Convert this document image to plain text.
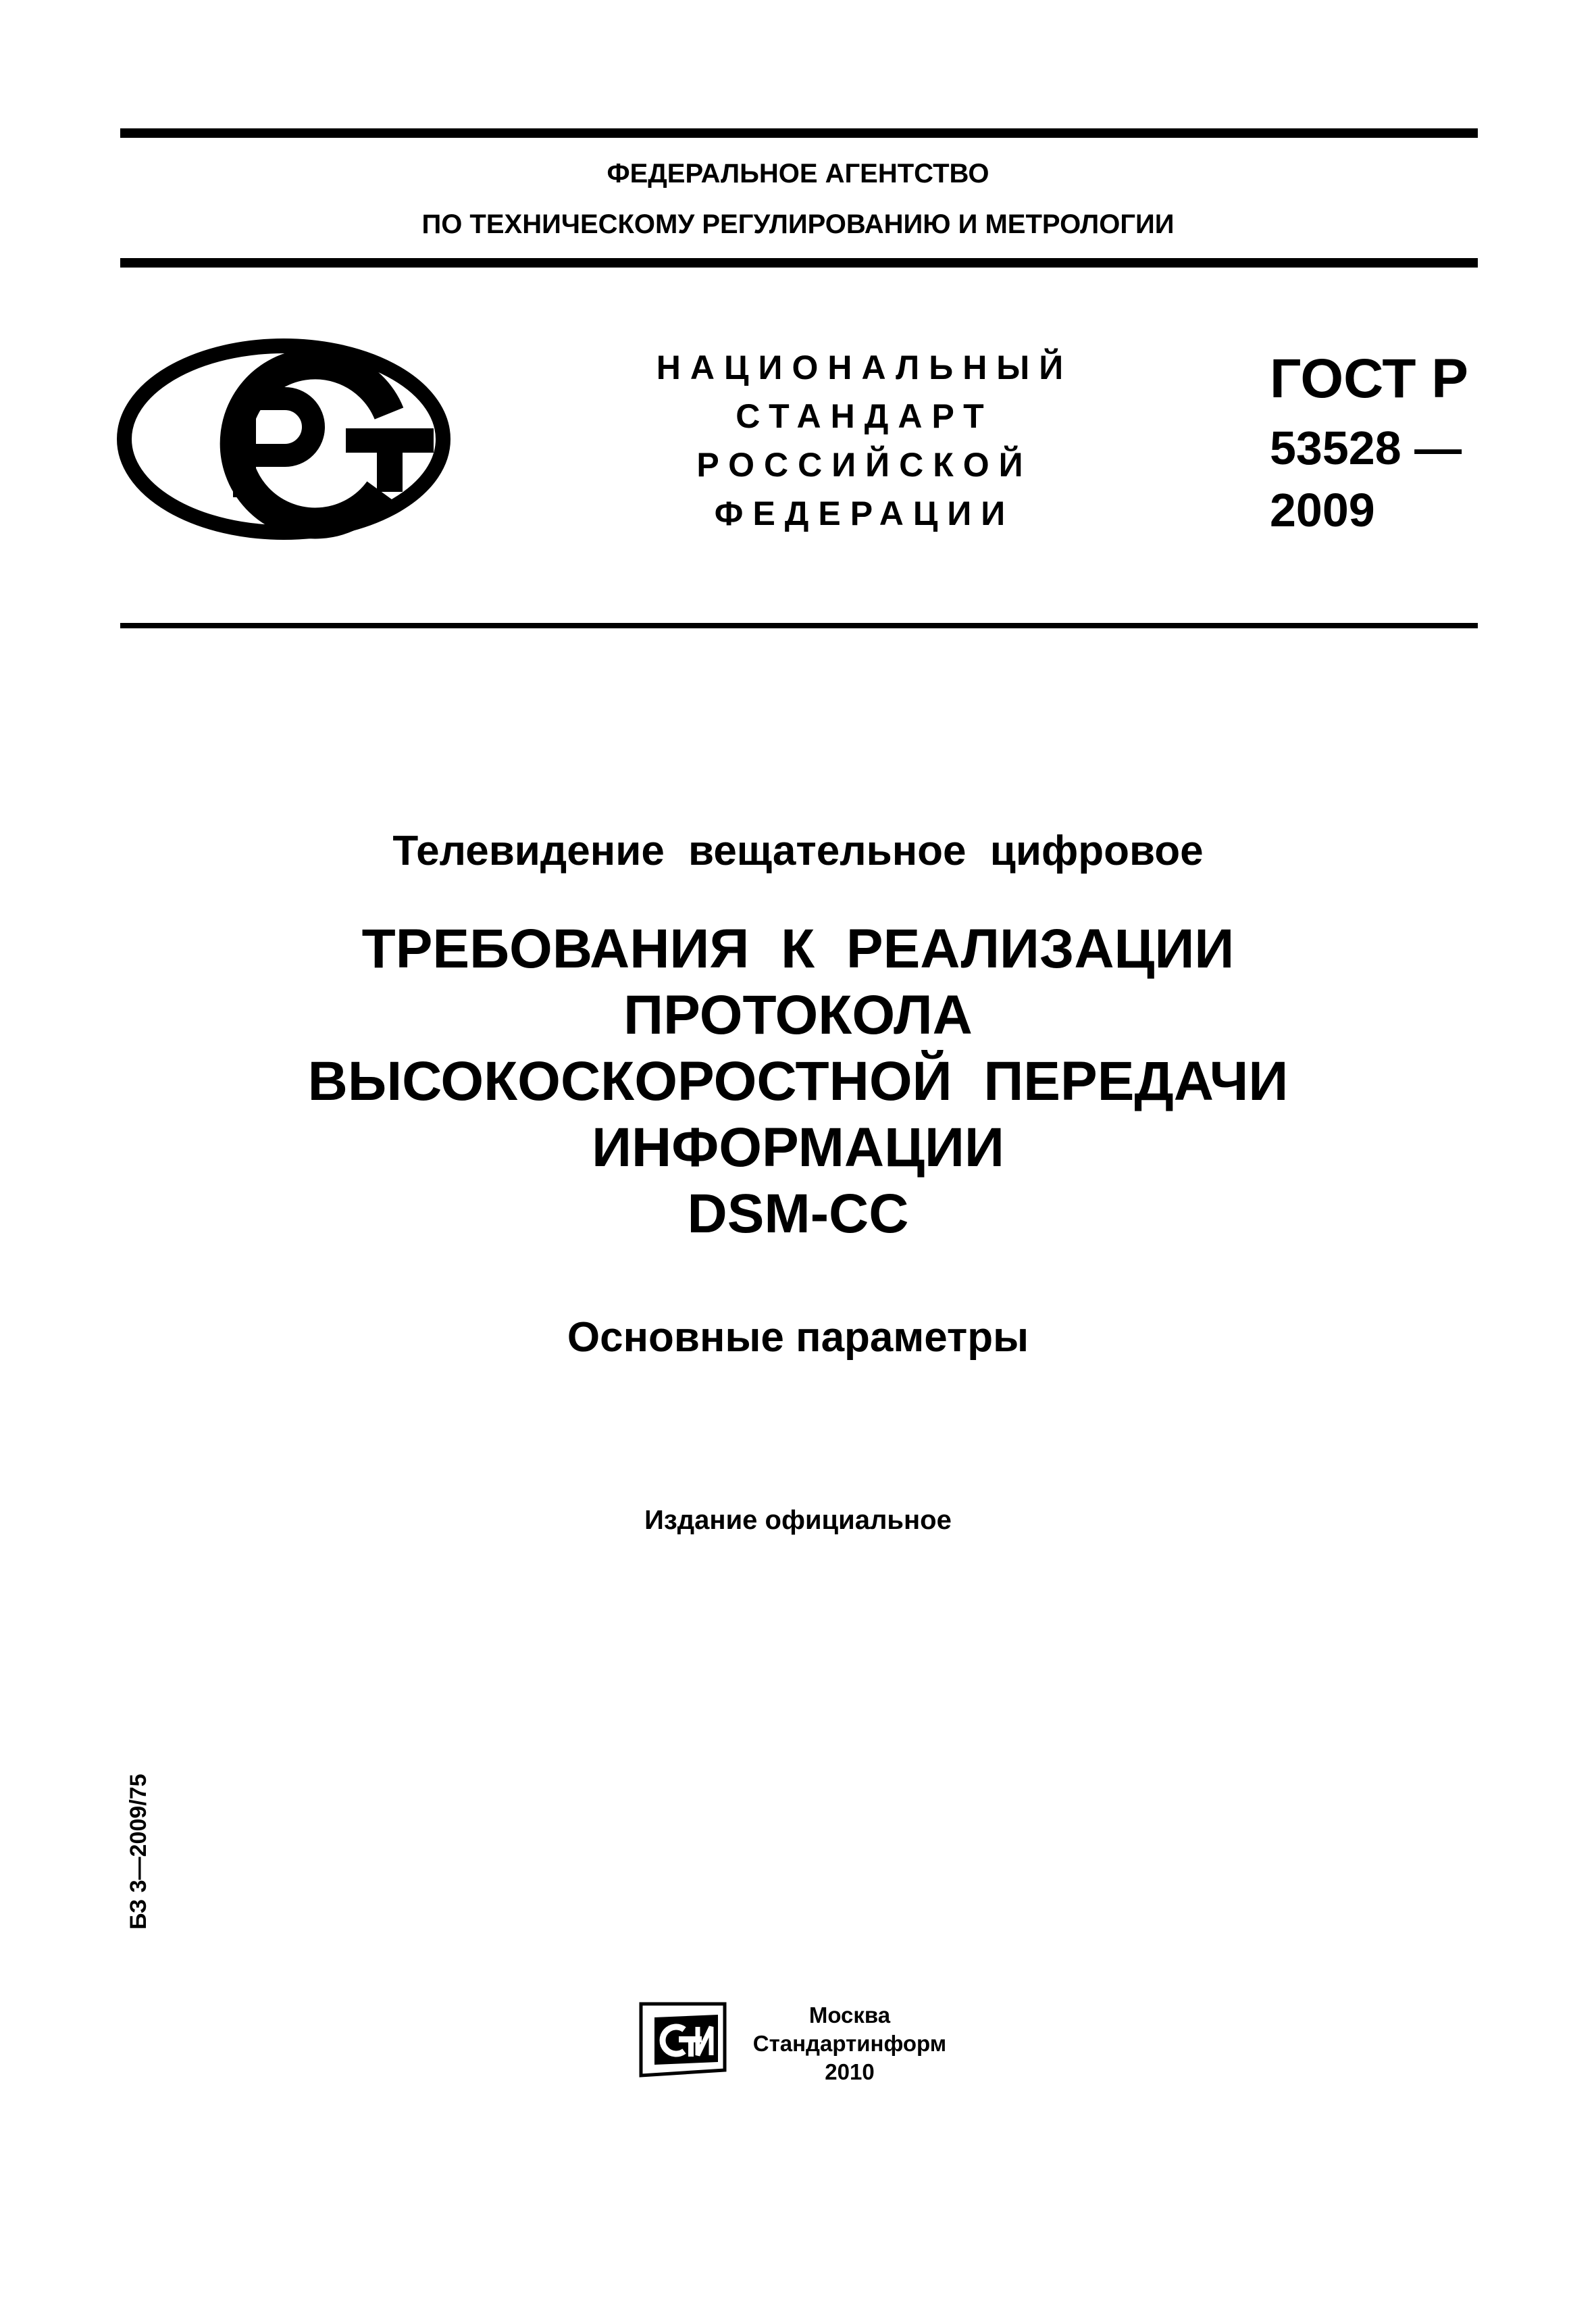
ФЕДЕРАЛЬНОЕ АГЕНТСТВО
ПО ТЕХНИЧЕСКОМУ РЕГУЛИРОВАНИЮ И МЕТРОЛОГИИ
НАЦИОНАЛЬНЫЙ
СТАНДАРТ
РОССИЙСКОЙ
ФЕДЕРАЦИИ
ГОСТ Р
53528 —
2009
Телевидение вещательное цифровое
ТРЕБОВАНИЯ К РЕАЛИЗАЦИИ
ПРОТОКОЛА
ВЫСОКОСКОРОСТНОЙ ПЕРЕДАЧИ
ИНФОРМАЦИИ
DSM-CC
Основные параметры
Издание официальное
БЗ 3—2009/75
Москва
Стандартинформ
2010
